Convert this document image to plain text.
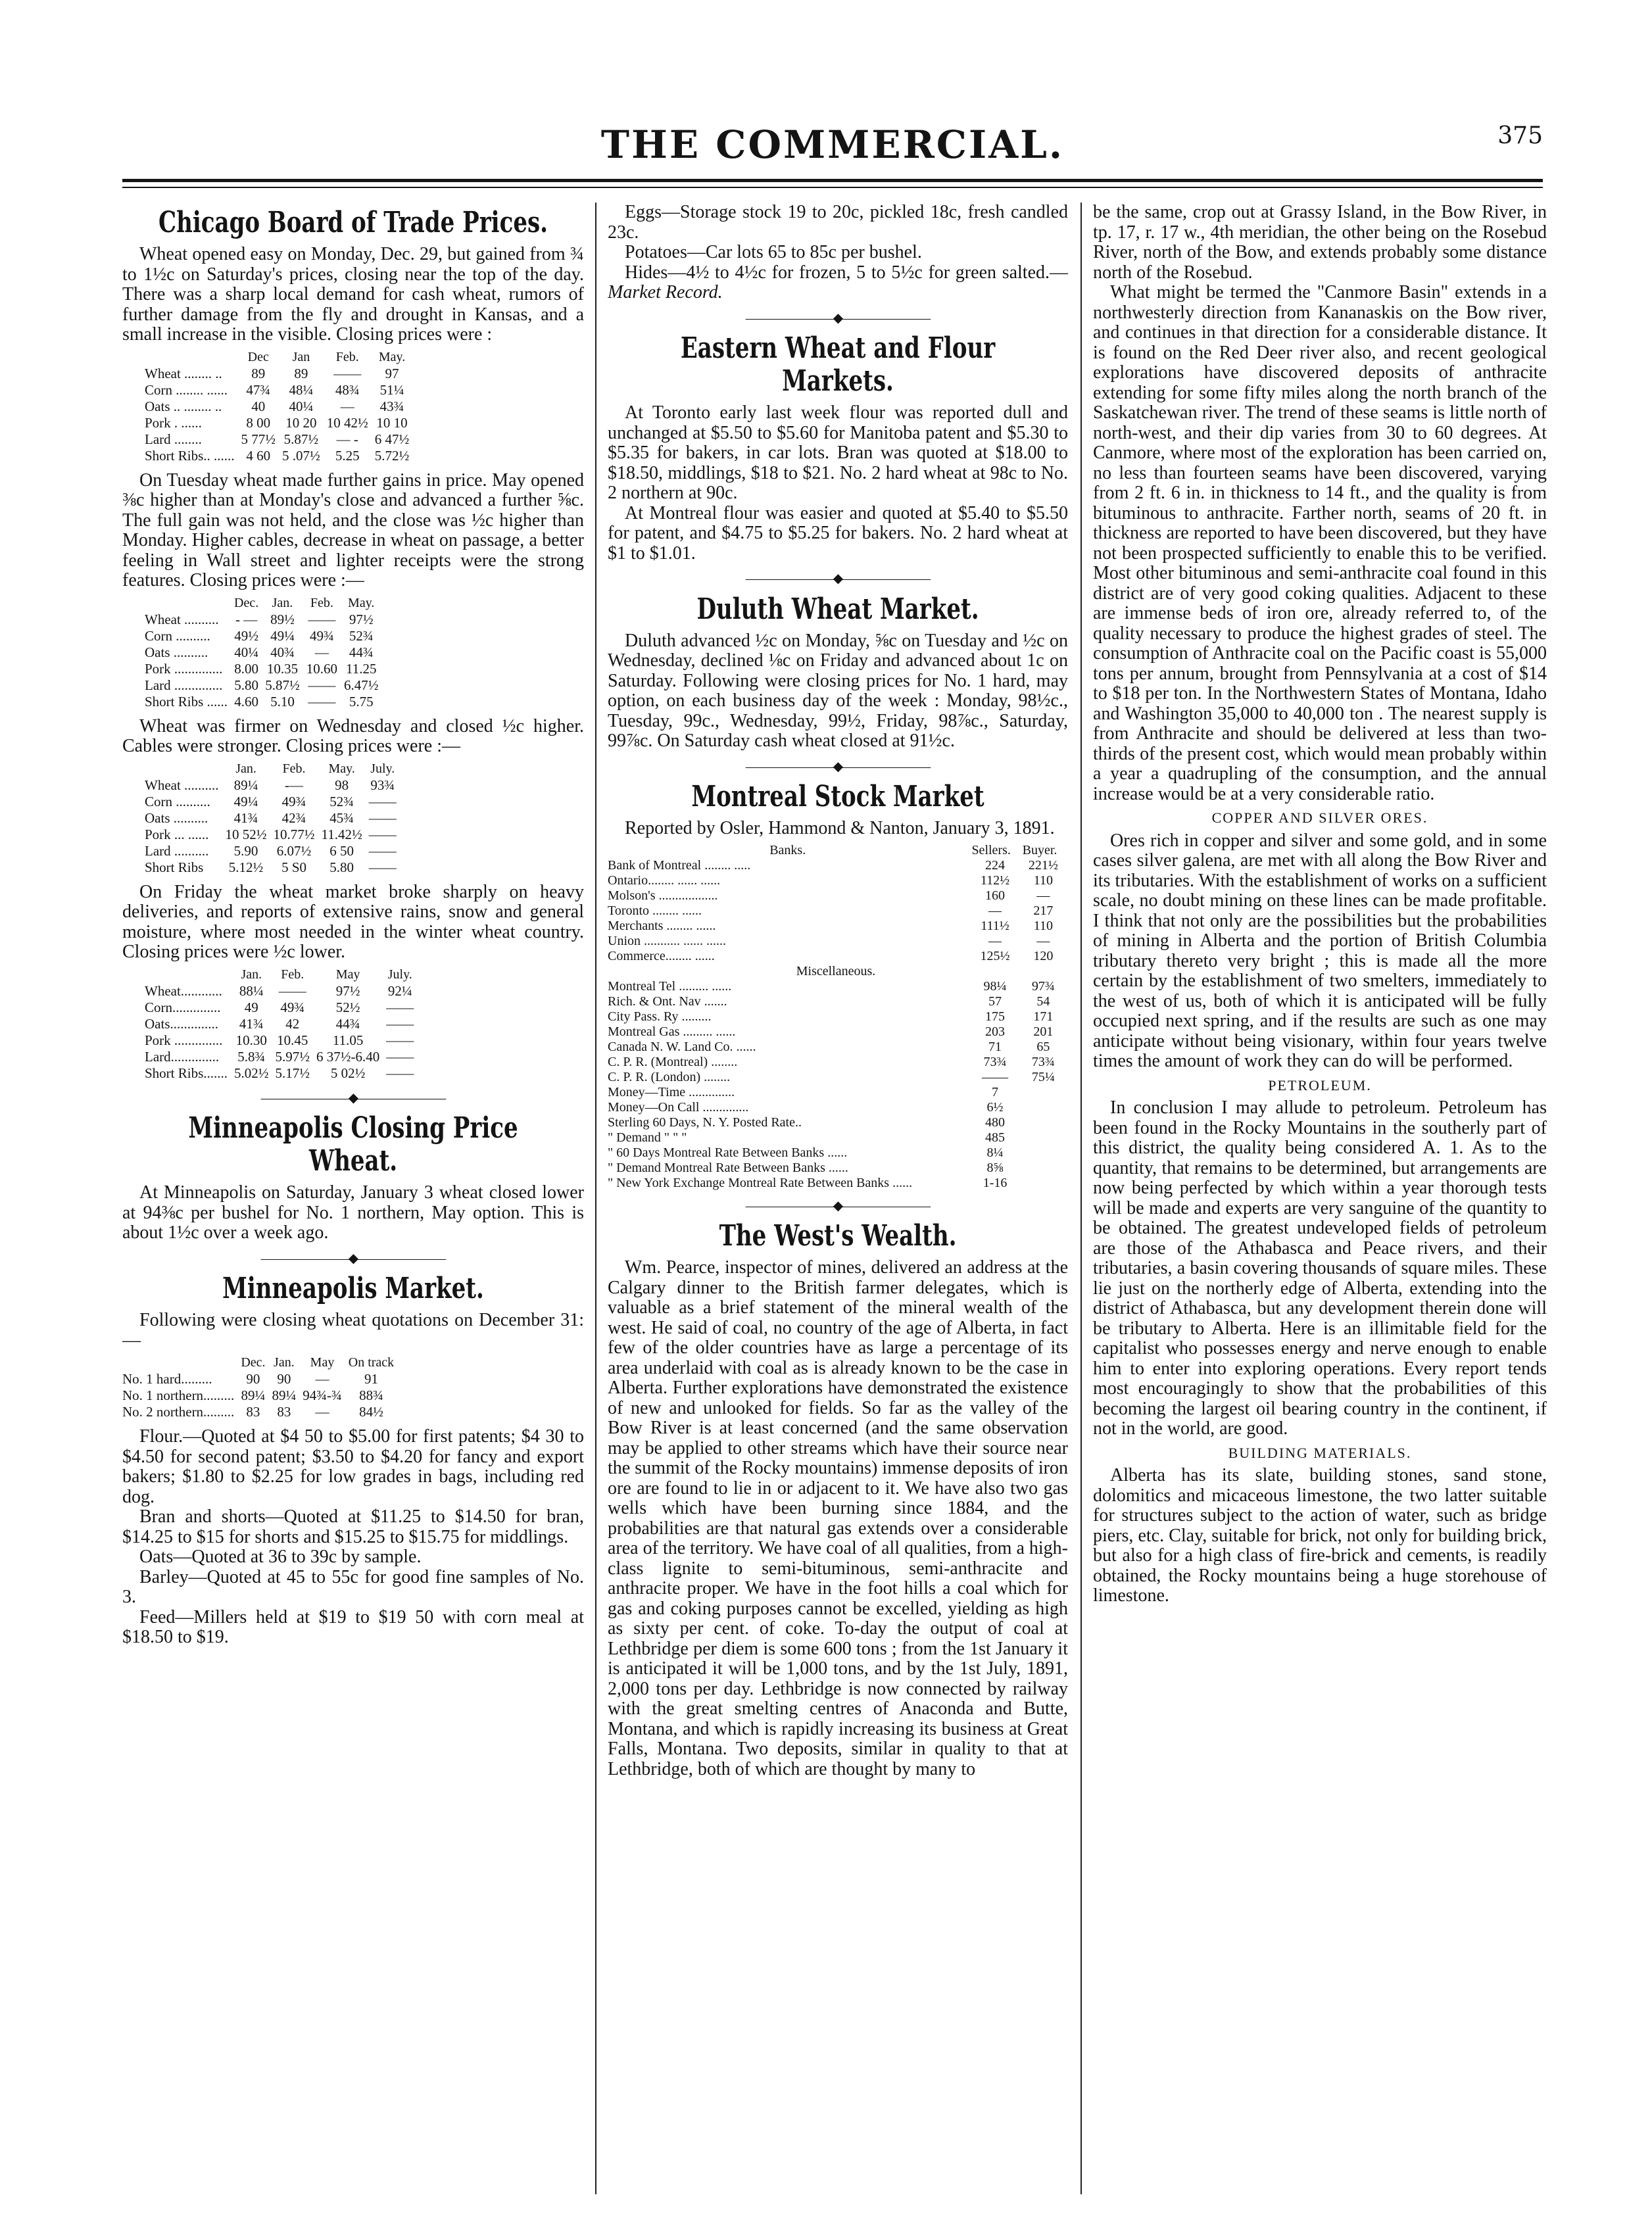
THE COMMERCIAL.	375
Chicago Board of Trade Prices.

Wheat opened easy on Monday, Dec. 29, but gained from ¾ to 1½c on Saturday's prices, closing near the top of the day. There was a sharp local demand for cash wheat, rumors of further damage from the fly and drought in Kansas, and a small increase in the visible. Closing prices were :

	Dec	Jan	Feb.	May.
Wheat ........ ..	89	89	——	97
Corn ........ ......	47¾	48¼	48¾	51¼
Oats .. ........ ..	40	40¼	—	43¾
Pork . ......	8 00	10 20	10 42½	10 10
Lard ........	5 77½	5.87½	— -	6 47½
Short Ribs.. ......	4 60	5 .07½	5.25	5.72½

On Tuesday wheat made further gains in price. May opened ⅜c higher than at Monday's close and advanced a further ⅝c. The full gain was not held, and the close was ½c higher than Monday. Higher cables, decrease in wheat on passage, a better feeling in Wall street and lighter receipts were the strong features. Closing prices were :—

	Dec.	Jan.	Feb.	May.
Wheat ..........	- —	89½	——	97½
Corn ..........	49½	49¼	49¾	52¾
Oats ..........	40¼	40¾	—	44¾
Pork ..............	8.00	10.35	10.60	11.25
Lard ..............	5.80	5.87½	——	6.47½
Short Ribs ......	4.60	5.10	——	5.75

Wheat was firmer on Wednesday and closed ½c higher. Cables were stronger. Closing prices were :—

	Jan.	Feb.	May.	July.
Wheat ..........	89¼	-—	98	93¾
Corn ..........	49¼	49¾	52¾	——
Oats ..........	41¾	42¾	45¾	——
Pork ... ......	10 52½	10.77½	11.42½	——
Lard ..........	5.90	6.07½	6 50	——
Short Ribs	5.12½	5 S0	5.80	——

On Friday the wheat market broke sharply on heavy deliveries, and reports of extensive rains, snow and general moisture, where most needed in the winter wheat country. Closing prices were ½c lower.

	Jan.	Feb.	May	July.
Wheat............	88¼	——	97½	92¼
Corn..............	49	49¾	52½	——
Oats..............	41¾	42	44¾	——
Pork ..............	10.30	10.45	11.05	——
Lard..............	5.8¾	5.97½	6 37½-6.40	——
Short Ribs.......	5.02½	5.17½	5 02½	——
———————◆———————
Minneapolis Closing Price Wheat.

At Minneapolis on Saturday, January 3 wheat closed lower at 94⅜c per bushel for No. 1 northern, May option. This is about 1½c over a week ago.

———————◆———————
Minneapolis Market.

Following were closing wheat quotations on December 31:—

	Dec.	Jan.	May	On track
No. 1 hard.........	90	90	—	91
No. 1 northern.........	89¼	89¼	94¾-¾	88¾
No. 2 northern.........	83	83	—	84½

Flour.—Quoted at $4 50 to $5.00 for first patents; $4 30 to $4.50 for second patent; $3.50 to $4.20 for fancy and export bakers; $1.80 to $2.25 for low grades in bags, including red dog.

Bran and shorts—Quoted at $11.25 to $14.50 for bran, $14.25 to $15 for shorts and $15.25 to $15.75 for middlings.

Oats—Quoted at 36 to 39c by sample.

Barley—Quoted at 45 to 55c for good fine samples of No. 3.

Feed—Millers held at $19 to $19 50 with corn meal at $18.50 to $19.

Eggs—Storage stock 19 to 20c, pickled 18c, fresh candled 23c.

Potatoes—Car lots 65 to 85c per bushel.

Hides—4½ to 4½c for frozen, 5 to 5½c for green salted.—Market Record.

———————◆———————
Eastern Wheat and Flour Markets.

At Toronto early last week flour was reported dull and unchanged at $5.50 to $5.60 for Manitoba patent and $5.30 to $5.35 for bakers, in car lots. Bran was quoted at $18.00 to $18.50, middlings, $18 to $21. No. 2 hard wheat at 98c to No. 2 northern at 90c.

At Montreal flour was easier and quoted at $5.40 to $5.50 for patent, and $4.75 to $5.25 for bakers. No. 2 hard wheat at $1 to $1.01.

———————◆———————
Duluth Wheat Market.

Duluth advanced ½c on Monday, ⅝c on Tuesday and ½c on Wednesday, declined ⅛c on Friday and advanced about 1c on Saturday. Following were closing prices for No. 1 hard, may option, on each business day of the week : Monday, 98½c., Tuesday, 99c., Wednesday, 99½, Friday, 98⅞c., Saturday, 99⅞c. On Saturday cash wheat closed at 91½c.

———————◆———————
Montreal Stock Market

Reported by Osler, Hammond & Nanton, January 3, 1891.

Banks.	Sellers.	Buyer.
Bank of Montreal ........ .....	224	221½
Ontario........ ...... ......	112½	110
Molson's ..................	160	—
Toronto ........ ......	—	217
Merchants ........ ......	111½	110
Union ........... ...... ......	—	—
Commerce........ ......	125½	120
Miscellaneous.		
Montreal Tel ......... ......	98¼	97¾
Rich. & Ont. Nav .......	57	54
City Pass. Ry .........	175	171
Montreal Gas ......... ......	203	201
Canada N. W. Land Co. ......	71	65
C. P. R. (Montreal) ........	73¾	73¾
C. P. R. (London) ........	——	75¼
Money—Time ..............	7	
Money—On Call ..............	6½	
Sterling 60 Days, N. Y. Posted Rate..	480	
" Demand " " "	485	
" 60 Days Montreal Rate Between Banks ......	8¼	
" Demand Montreal Rate Between Banks ......	8⅝	
" New York Exchange Montreal Rate Between Banks ......	1-16	
———————◆———————
The West's Wealth.

Wm. Pearce, inspector of mines, delivered an address at the Calgary dinner to the British farmer delegates, which is valuable as a brief statement of the mineral wealth of the west. He said of coal, no country of the age of Alberta, in fact few of the older countries have as large a percentage of its area underlaid with coal as is already known to be the case in Alberta. Further explorations have demonstrated the existence of new and unlooked for fields. So far as the valley of the Bow River is at least concerned (and the same observation may be applied to other streams which have their source near the summit of the Rocky mountains) immense deposits of iron ore are found to lie in or adjacent to it. We have also two gas wells which have been burning since 1884, and the probabilities are that natural gas extends over a considerable area of the territory. We have coal of all qualities, from a high-class lignite to semi-bituminous, semi-anthracite and anthracite proper. We have in the foot hills a coal which for gas and coking purposes cannot be excelled, yielding as high as sixty per cent. of coke. To-day the output of coal at Lethbridge per diem is some 600 tons ; from the 1st January it is anticipated it will be 1,000 tons, and by the 1st July, 1891, 2,000 tons per day. Lethbridge is now connected by railway with the great smelting centres of Anaconda and Butte, Montana, and which is rapidly increasing its business at Great Falls, Montana. Two deposits, similar in quality to that at Lethbridge, both of which are thought by many to

be the same, crop out at Grassy Island, in the Bow River, in tp. 17, r. 17 w., 4th meridian, the other being on the Rosebud River, north of the Bow, and extends probably some distance north of the Rosebud.

What might be termed the "Canmore Basin" extends in a northwesterly direction from Kananaskis on the Bow river, and continues in that direction for a considerable distance. It is found on the Red Deer river also, and recent geological explorations have discovered deposits of anthracite extending for some fifty miles along the north branch of the Saskatchewan river. The trend of these seams is little north of north-west, and their dip varies from 30 to 60 degrees. At Canmore, where most of the exploration has been carried on, no less than fourteen seams have been discovered, varying from 2 ft. 6 in. in thickness to 14 ft., and the quality is from bituminous to anthracite. Farther north, seams of 20 ft. in thickness are reported to have been discovered, but they have not been prospected sufficiently to enable this to be verified. Most other bituminous and semi-anthracite coal found in this district are of very good coking qualities. Adjacent to these are immense beds of iron ore, already referred to, of the quality necessary to produce the highest grades of steel. The consumption of Anthracite coal on the Pacific coast is 55,000 tons per annum, brought from Pennsylvania at a cost of $14 to $18 per ton. In the Northwestern States of Montana, Idaho and Washington 35,000 to 40,000 ton . The nearest supply is from Anthracite and should be delivered at less than two-thirds of the present cost, which would mean probably within a year a quadrupling of the consumption, and the annual increase would be at a very considerable ratio.

COPPER AND SILVER ORES.

Ores rich in copper and silver and some gold, and in some cases silver galena, are met with all along the Bow River and its tributaries. With the establishment of works on a sufficient scale, no doubt mining on these lines can be made profitable. I think that not only are the possibilities but the probabilities of mining in Alberta and the portion of British Columbia tributary thereto very bright ; this is made all the more certain by the establishment of two smelters, immediately to the west of us, both of which it is anticipated will be fully occupied next spring, and if the results are such as one may anticipate without being visionary, within four years twelve times the amount of work they can do will be performed.

PETROLEUM.

In conclusion I may allude to petroleum. Petroleum has been found in the Rocky Mountains in the southerly part of this district, the quality being considered A. 1. As to the quantity, that remains to be determined, but arrangements are now being perfected by which within a year thorough tests will be made and experts are very sanguine of the quantity to be obtained. The greatest undeveloped fields of petroleum are those of the Athabasca and Peace rivers, and their tributaries, a basin covering thousands of square miles. These lie just on the northerly edge of Alberta, extending into the district of Athabasca, but any development therein done will be tributary to Alberta. Here is an illimitable field for the capitalist who possesses energy and nerve enough to enable him to enter into exploring operations. Every report tends most encouragingly to show that the probabilities of this becoming the largest oil bearing country in the continent, if not in the world, are good.

BUILDING MATERIALS.

Alberta has its slate, building stones, sand stone, dolomitics and micaceous limestone, the two latter suitable for structures subject to the action of water, such as bridge piers, etc. Clay, suitable for brick, not only for building brick, but also for a high class of fire-brick and cements, is readily obtained, the Rocky mountains being a huge storehouse of limestone.
